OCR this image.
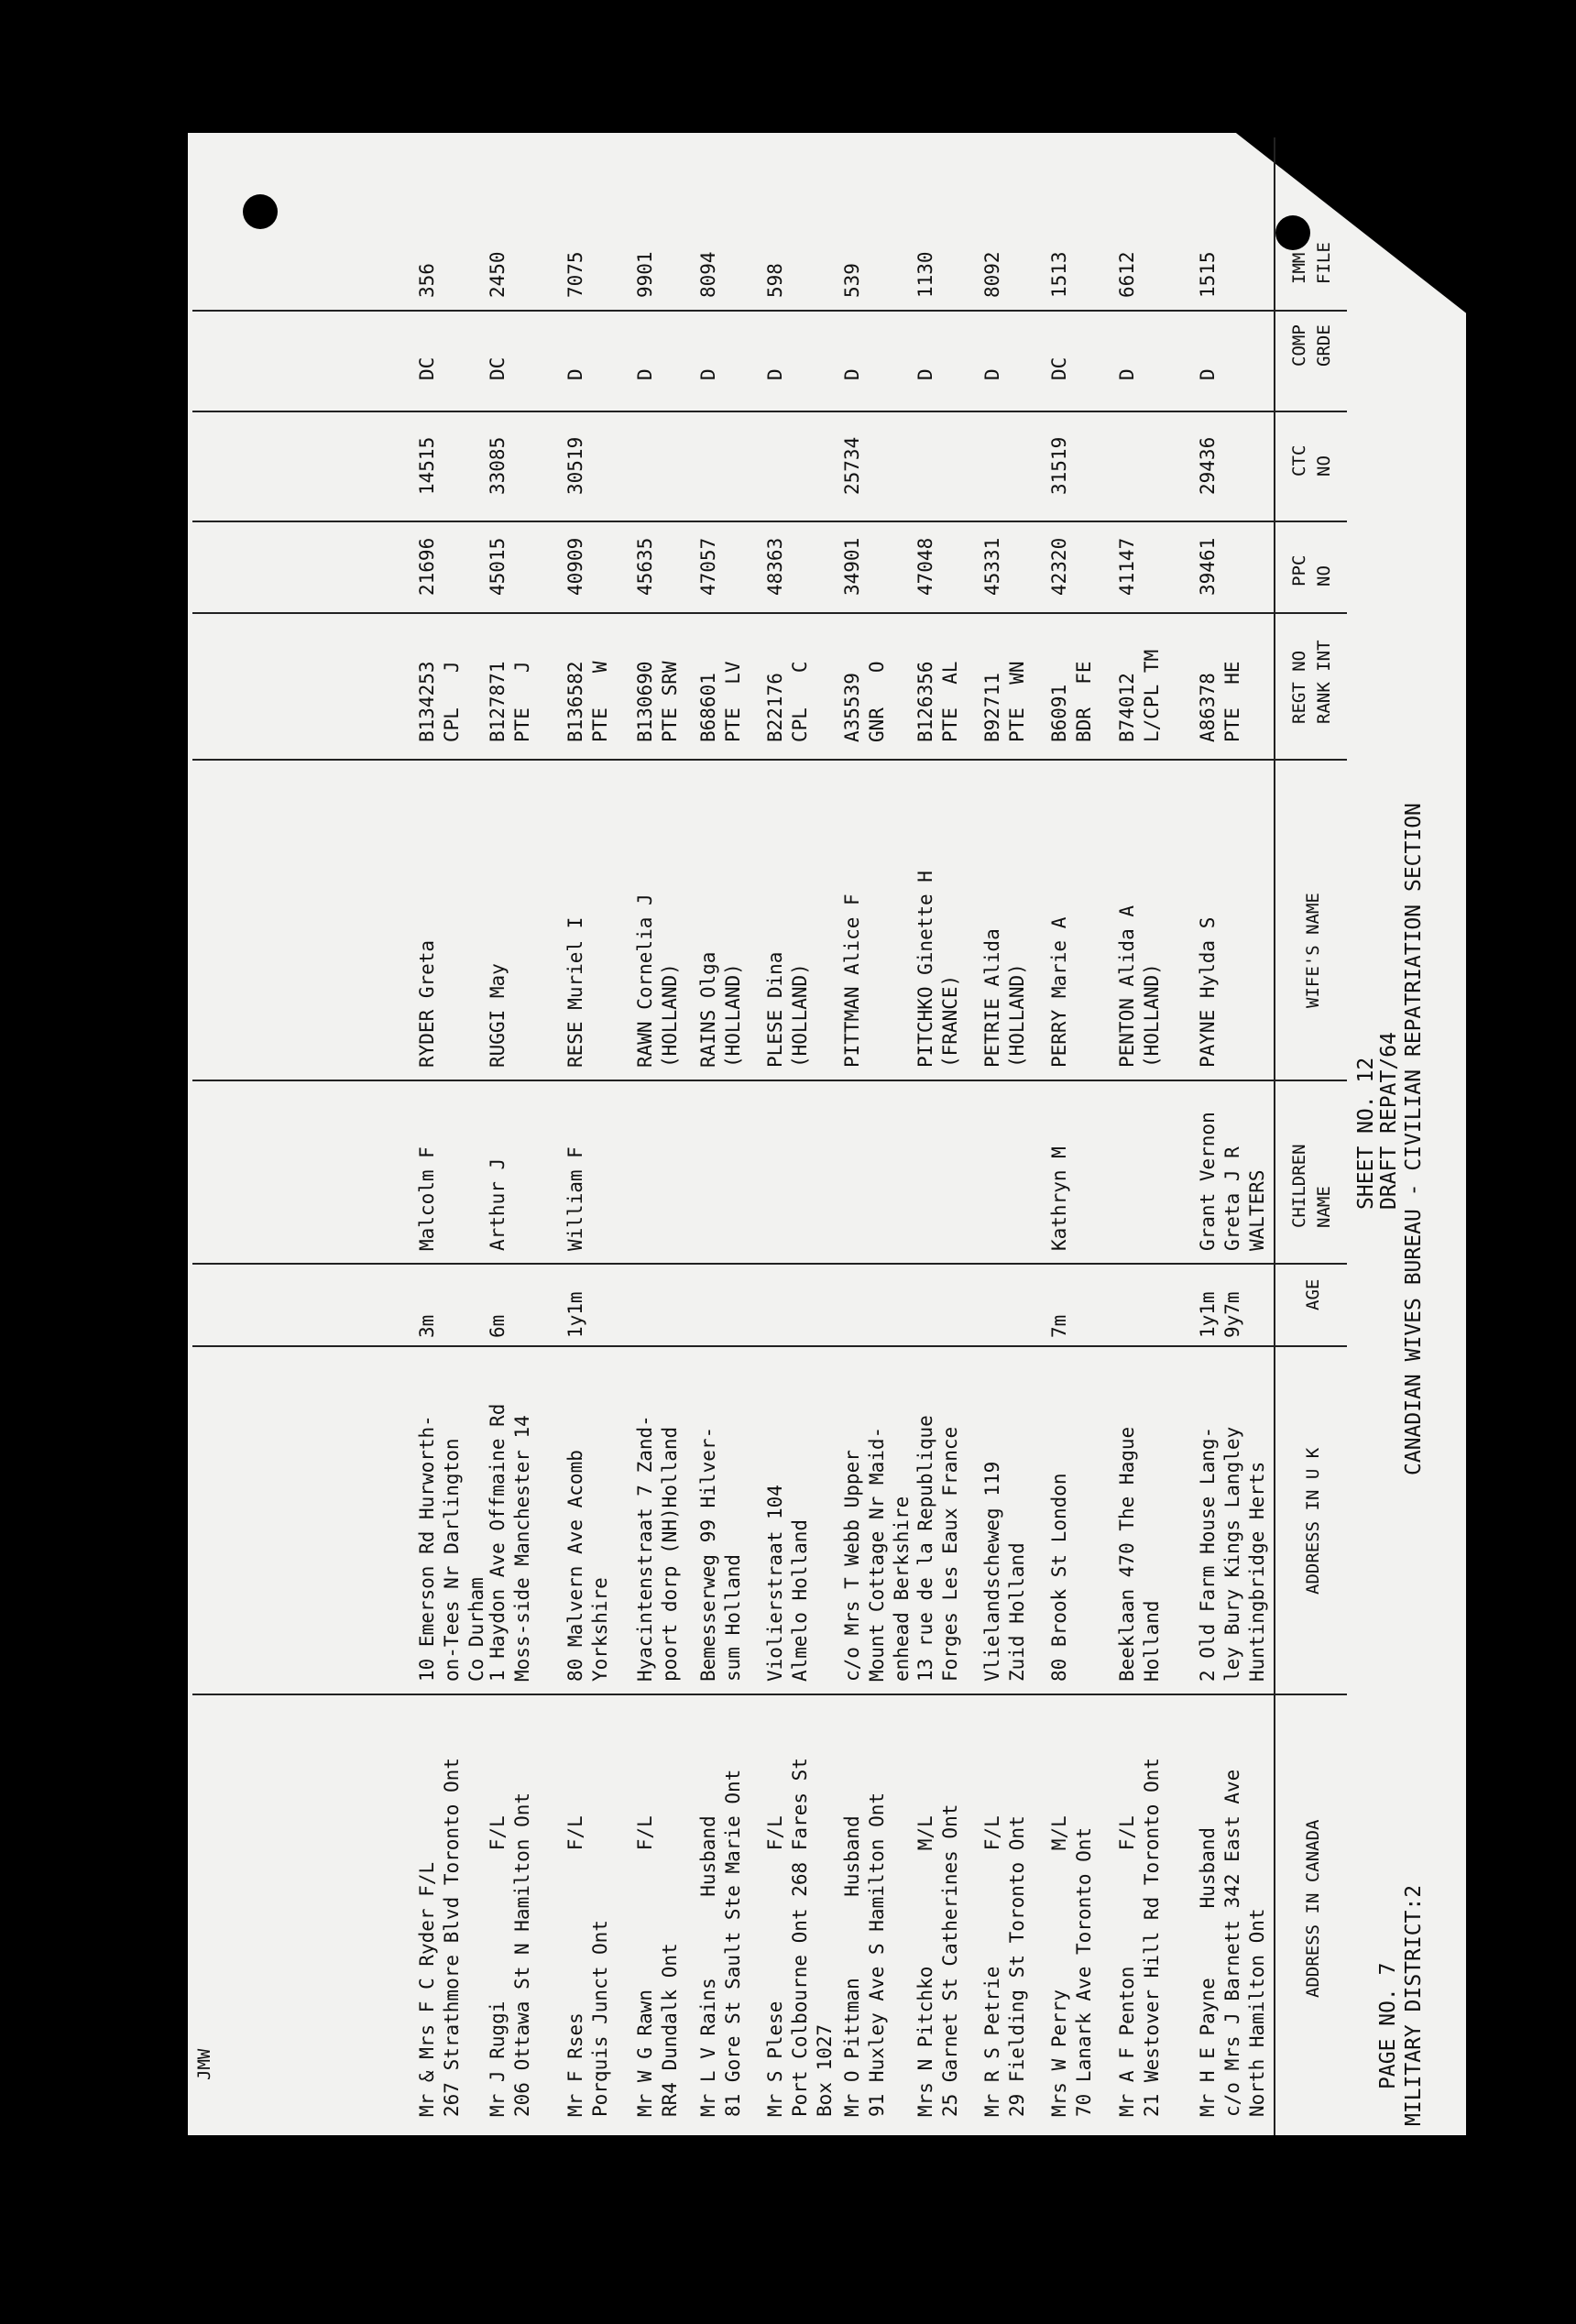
CANADIAN WIVES BUREAU - CIVILIAN REPATRIATION SECTION
DRAFT REPAT/64
SHEET NO. 12
MILITARY DISTRICT:2
PAGE NO. 7
IMM FILE
COMP GRDE
CTC NO
PPC NO
REGT NO RANK INT
WIFE'S NAME
CHILDREN NAME
AGE
ADDRESS IN U K
ADDRESS IN CANADA
1515
D
29436
39461
A86378
PTE  HE
PAYNE Hylda S
Grant Vernon
Greta J R
WALTERS
1y1m
9y7m
2 Old Farm House Lang-
ley Bury Kings Langley
Huntingbridge Herts
Mr H E Payne      Husband
c/o Mrs J Barnett 342 East Ave
North Hamilton Ont
6612
D
41147
B74012
L/CPL TM
PENTON Alida A
(HOLLAND)
Beeklaan 470 The Hague
Holland
Mr A F Penton          F/L
21 Westover Hill Rd Toronto Ont
1513
DC
31519
42320
B6091
BDR  FE
PERRY Marie A
Kathryn M
7m
80 Brook St London
Mrs W Perry            M/L
70 Lanark Ave Toronto Ont
8092
D
45331
B92711
PTE  WN
PETRIE Alida
(HOLLAND)
Vlielandscheweg 119
Zuid Holland
Mr R S Petrie          F/L
29 Fielding St Toronto Ont
1130
D
47048
B126356
PTE  AL
PITCHKO Ginette H
(FRANCE)
13 rue de la Republique
Forges Les Eaux France
Mrs N Pitchko          M/L
25 Garnet St Catherines Ont
539
D
25734
34901
A35539
GNR   O
PITTMAN Alice F
c/o Mrs T Webb Upper
Mount Cottage Nr Maid-
enhead Berkshire
Mr O Pittman       Husband
91 Huxley Ave S Hamilton Ont
598
D
48363
B22176
CPL   C
PLESE Dina
(HOLLAND)
Violierstraat 104
Almelo Holland
Mr S Plese             F/L
Port Colbourne Ont 268 Fares St
Box 1027
8094
D
47057
B68601
PTE  LV
RAINS Olga
(HOLLAND)
Bemesserweg 99 Hilver-
sum Holland
Mr L V Rains       Husband
81 Gore St Sault Ste Marie Ont
9901
D
45635
B130690
PTE SRW
RAWN Cornelia J
(HOLLAND)
Hyacintenstraat 7 Zand-
poort dorp (NH)Holland
Mr W G Rawn            F/L
RR4 Dundalk Ont
7075
D
30519
40909
B136582
PTE   W
RESE Muriel I
William F
1y1m
80 Malvern Ave Acomb
Yorkshire
Mr F Rses              F/L
Porquis Junct Ont
2450
DC
33085
45015
B127871
PTE   J
RUGGI May
Arthur J
6m
1 Haydon Ave Offmaine Rd
Moss-side Manchester 14
Mr J Ruggi             F/L
206 Ottawa St N Hamilton Ont
356
DC
14515
21696
B134253
CPL   J
RYDER Greta
Malcolm F
3m
10 Emerson Rd Hurworth-
on-Tees Nr Darlington
Co Durham
Mr & Mrs F C Ryder F/L
267 Strathmore Blvd Toronto Ont
JMW
